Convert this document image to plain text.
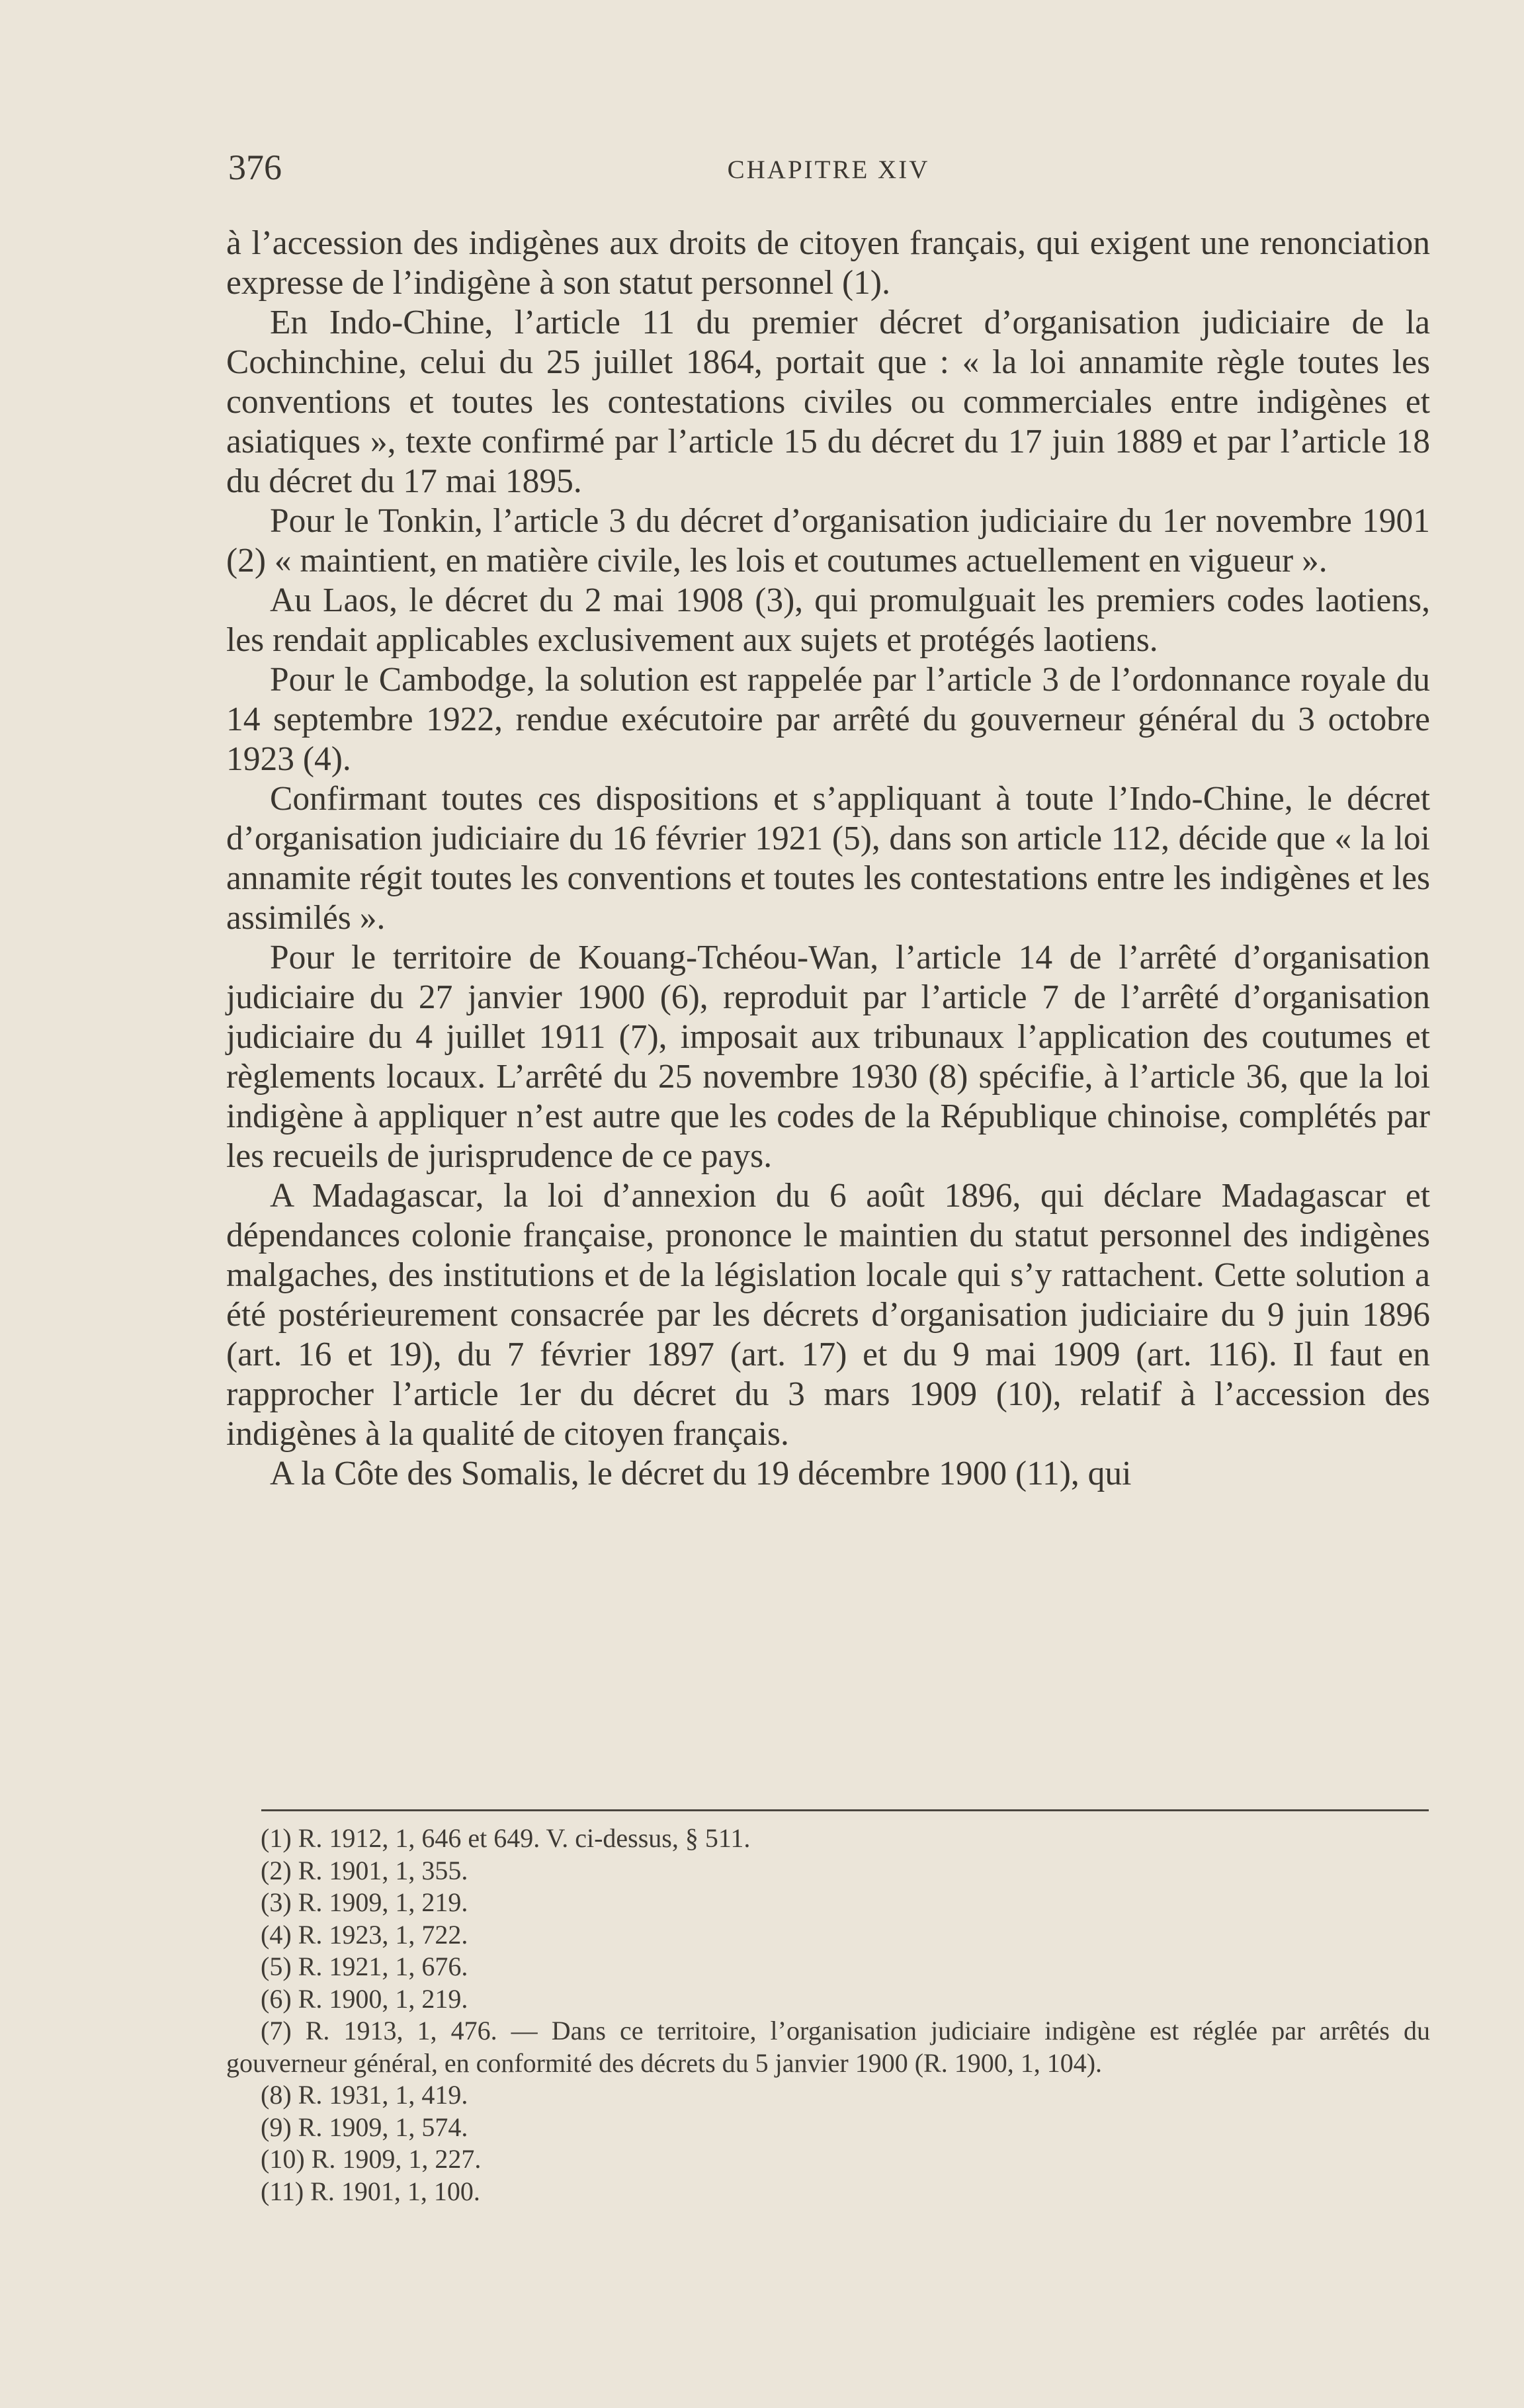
376	CHAPITRE XIV

à l’accession des indigènes aux droits de citoyen français, qui exigent une renonciation expresse de l’indigène à son statut personnel (1).

En Indo-Chine, l’article 11 du premier décret d’organisation judiciaire de la Cochinchine, celui du 25 juillet 1864, portait que : « la loi annamite règle toutes les conventions et toutes les contestations civiles ou commerciales entre indigènes et asiatiques », texte confirmé par l’article 15 du décret du 17 juin 1889 et par l’article 18 du décret du 17 mai 1895.

Pour le Tonkin, l’article 3 du décret d’organisation judiciaire du 1er novembre 1901 (2) « maintient, en matière civile, les lois et coutumes actuellement en vigueur ».

Au Laos, le décret du 2 mai 1908 (3), qui promulguait les premiers codes laotiens, les rendait applicables exclusivement aux sujets et protégés laotiens.

Pour le Cambodge, la solution est rappelée par l’article 3 de l’ordonnance royale du 14 septembre 1922, rendue exécutoire par arrêté du gouverneur général du 3 octobre 1923 (4).

Confirmant toutes ces dispositions et s’appliquant à toute l’Indo-Chine, le décret d’organisation judiciaire du 16 février 1921 (5), dans son article 112, décide que « la loi annamite régit toutes les conventions et toutes les contestations entre les indigènes et les assimilés ».

Pour le territoire de Kouang-Tchéou-Wan, l’article 14 de l’arrêté d’organisation judiciaire du 27 janvier 1900 (6), reproduit par l’article 7 de l’arrêté d’organisation judiciaire du 4 juillet 1911 (7), imposait aux tribunaux l’application des coutumes et règlements locaux. L’arrêté du 25 novembre 1930 (8) spécifie, à l’article 36, que la loi indigène à appliquer n’est autre que les codes de la République chinoise, complétés par les recueils de jurisprudence de ce pays.

A Madagascar, la loi d’annexion du 6 août 1896, qui déclare Madagascar et dépendances colonie française, prononce le maintien du statut personnel des indigènes malgaches, des institutions et de la législation locale qui s’y rattachent. Cette solution a été postérieurement consacrée par les décrets d’organisation judiciaire du 9 juin 1896 (art. 16 et 19), du 7 février 1897 (art. 17) et du 9 mai 1909 (art. 116). Il faut en rapprocher l’article 1er du décret du 3 mars 1909 (10), relatif à l’accession des indigènes à la qualité de citoyen français.

A la Côte des Somalis, le décret du 19 décembre 1900 (11), qui

(1) R. 1912, 1, 646 et 649. V. ci-dessus, § 511.

(2) R. 1901, 1, 355.

(3) R. 1909, 1, 219.

(4) R. 1923, 1, 722.

(5) R. 1921, 1, 676.

(6) R. 1900, 1, 219.

(7) R. 1913, 1, 476. — Dans ce territoire, l’organisation judiciaire indigène est réglée par arrêtés du gouverneur général, en conformité des décrets du 5 janvier 1900 (R. 1900, 1, 104).

(8) R. 1931, 1, 419.

(9) R. 1909, 1, 574.

(10) R. 1909, 1, 227.

(11) R. 1901, 1, 100.
